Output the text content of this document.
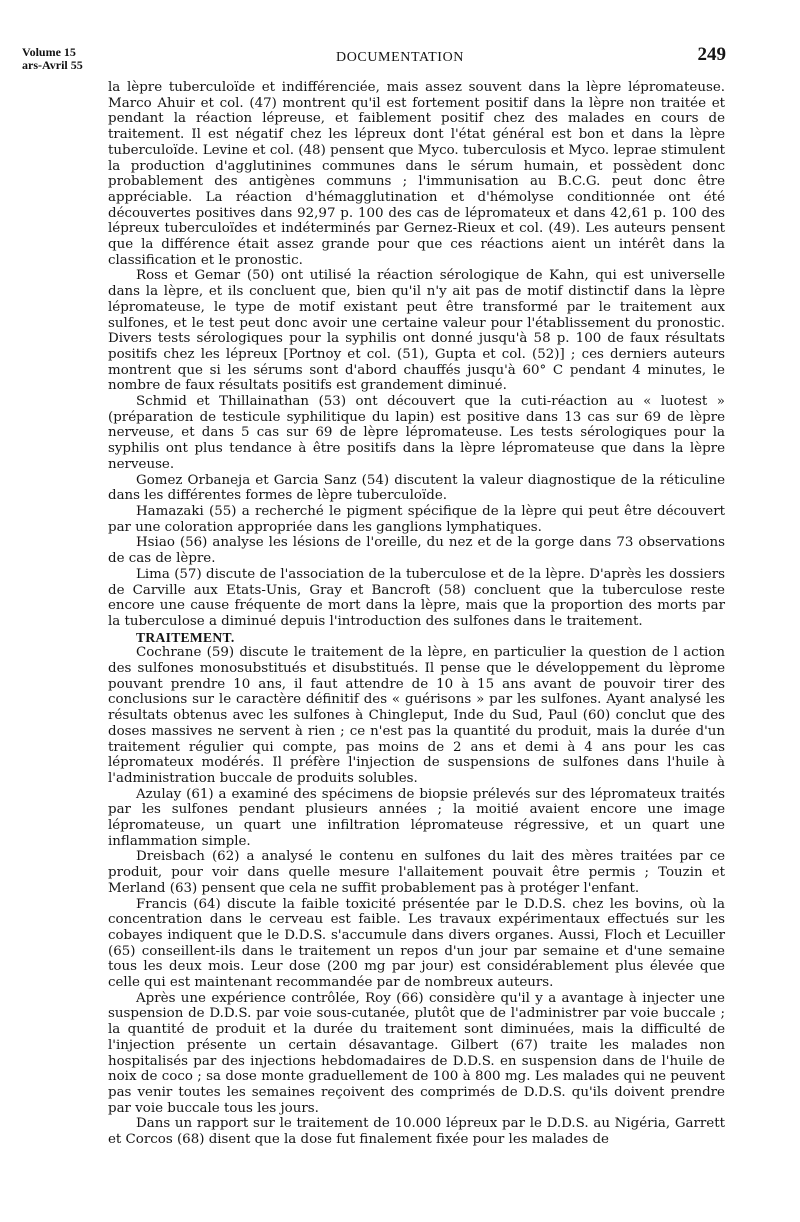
Volume 15
ars-Avril 55	DOCUMENTATION	249

la lèpre tuberculoïde et indifférenciée, mais assez souvent dans la lèpre lépromateuse. Marco Ahuir et col. (47) montrent qu'il est fortement positif dans la lèpre non traitée et pendant la réaction lépreuse, et faiblement positif chez des malades en cours de traitement. Il est négatif chez les lépreux dont l'état général est bon et dans la lèpre tuberculoïde. Levine et col. (48) pensent que Myco. tuberculosis et Myco. leprae stimulent la production d'agglutinines communes dans le sérum humain, et possèdent donc probablement des antigènes communs ; l'immunisation au B.C.G. peut donc être appréciable. La réaction d'hémagglutination et d'hémolyse conditionnée ont été découvertes positives dans 92,97 p. 100 des cas de lépromateux et dans 42,61 p. 100 des lépreux tuberculoïdes et indéterminés par Gernez-Rieux et col. (49). Les auteurs pensent que la différence était assez grande pour que ces réactions aient un intérêt dans la classification et le pronostic.

Ross et Gemar (50) ont utilisé la réaction sérologique de Kahn, qui est universelle dans la lèpre, et ils concluent que, bien qu'il n'y ait pas de motif distinctif dans la lèpre lépromateuse, le type de motif existant peut être transformé par le traitement aux sulfones, et le test peut donc avoir une certaine valeur pour l'établissement du pronostic. Divers tests sérologiques pour la syphilis ont donné jusqu'à 58 p. 100 de faux résultats positifs chez les lépreux [Portnoy et col. (51), Gupta et col. (52)] ; ces derniers auteurs montrent que si les sérums sont d'abord chauffés jusqu'à 60° C pendant 4 minutes, le nombre de faux résultats positifs est grandement diminué.

Schmid et Thillainathan (53) ont découvert que la cuti-réaction au « luotest » (préparation de testicule syphilitique du lapin) est positive dans 13 cas sur 69 de lèpre nerveuse, et dans 5 cas sur 69 de lèpre lépromateuse. Les tests sérologiques pour la syphilis ont plus tendance à être positifs dans la lèpre lépromateuse que dans la lèpre nerveuse.

Gomez Orbaneja et Garcia Sanz (54) discutent la valeur diagnostique de la réticuline dans les différentes formes de lèpre tuberculoïde.

Hamazaki (55) a recherché le pigment spécifique de la lèpre qui peut être découvert par une coloration appropriée dans les ganglions lymphatiques.

Hsiao (56) analyse les lésions de l'oreille, du nez et de la gorge dans 73 observations de cas de lèpre.

Lima (57) discute de l'association de la tuberculose et de la lèpre. D'après les dossiers de Carville aux Etats-Unis, Gray et Bancroft (58) concluent que la tuberculose reste encore une cause fréquente de mort dans la lèpre, mais que la proportion des morts par la tuberculose a diminué depuis l'introduction des sulfones dans le traitement.

TRAITEMENT.

Cochrane (59) discute le traitement de la lèpre, en particulier la question de l action des sulfones monosubstitués et disubstitués. Il pense que le développement du lèprome pouvant prendre 10 ans, il faut attendre de 10 à 15 ans avant de pouvoir tirer des conclusions sur le caractère définitif des « guérisons » par les sulfones. Ayant analysé les résultats obtenus avec les sulfones à Chingleput, Inde du Sud, Paul (60) conclut que des doses massives ne servent à rien ; ce n'est pas la quantité du produit, mais la durée d'un traitement régulier qui compte, pas moins de 2 ans et demi à 4 ans pour les cas lépromateux modérés. Il préfère l'injection de suspensions de sulfones dans l'huile à l'administration buccale de produits solubles.

Azulay (61) a examiné des spécimens de biopsie prélevés sur des lépromateux traités par les sulfones pendant plusieurs années ; la moitié avaient encore une image lépromateuse, un quart une infiltration lépromateuse régressive, et un quart une inflammation simple.

Dreisbach (62) a analysé le contenu en sulfones du lait des mères traitées par ce produit, pour voir dans quelle mesure l'allaitement pouvait être permis ; Touzin et Merland (63) pensent que cela ne suffit probablement pas à protéger l'enfant.

Francis (64) discute la faible toxicité présentée par le D.D.S. chez les bovins, où la concentration dans le cerveau est faible. Les travaux expérimentaux effectués sur les cobayes indiquent que le D.D.S. s'accumule dans divers organes. Aussi, Floch et Lecuiller (65) conseillent-ils dans le traitement un repos d'un jour par semaine et d'une semaine tous les deux mois. Leur dose (200 mg par jour) est considérablement plus élevée que celle qui est maintenant recommandée par de nombreux auteurs.

Après une expérience contrôlée, Roy (66) considère qu'il y a avantage à injecter une suspension de D.D.S. par voie sous-cutanée, plutôt que de l'administrer par voie buccale ; la quantité de produit et la durée du traitement sont diminuées, mais la difficulté de l'injection présente un certain désavantage. Gilbert (67) traite les malades non hospitalisés par des injections hebdomadaires de D.D.S. en suspension dans de l'huile de noix de coco ; sa dose monte graduellement de 100 à 800 mg. Les malades qui ne peuvent pas venir toutes les semaines reçoivent des comprimés de D.D.S. qu'ils doivent prendre par voie buccale tous les jours.

Dans un rapport sur le traitement de 10.000 lépreux par le D.D.S. au Nigéria, Garrett et Corcos (68) disent que la dose fut finalement fixée pour les malades de
